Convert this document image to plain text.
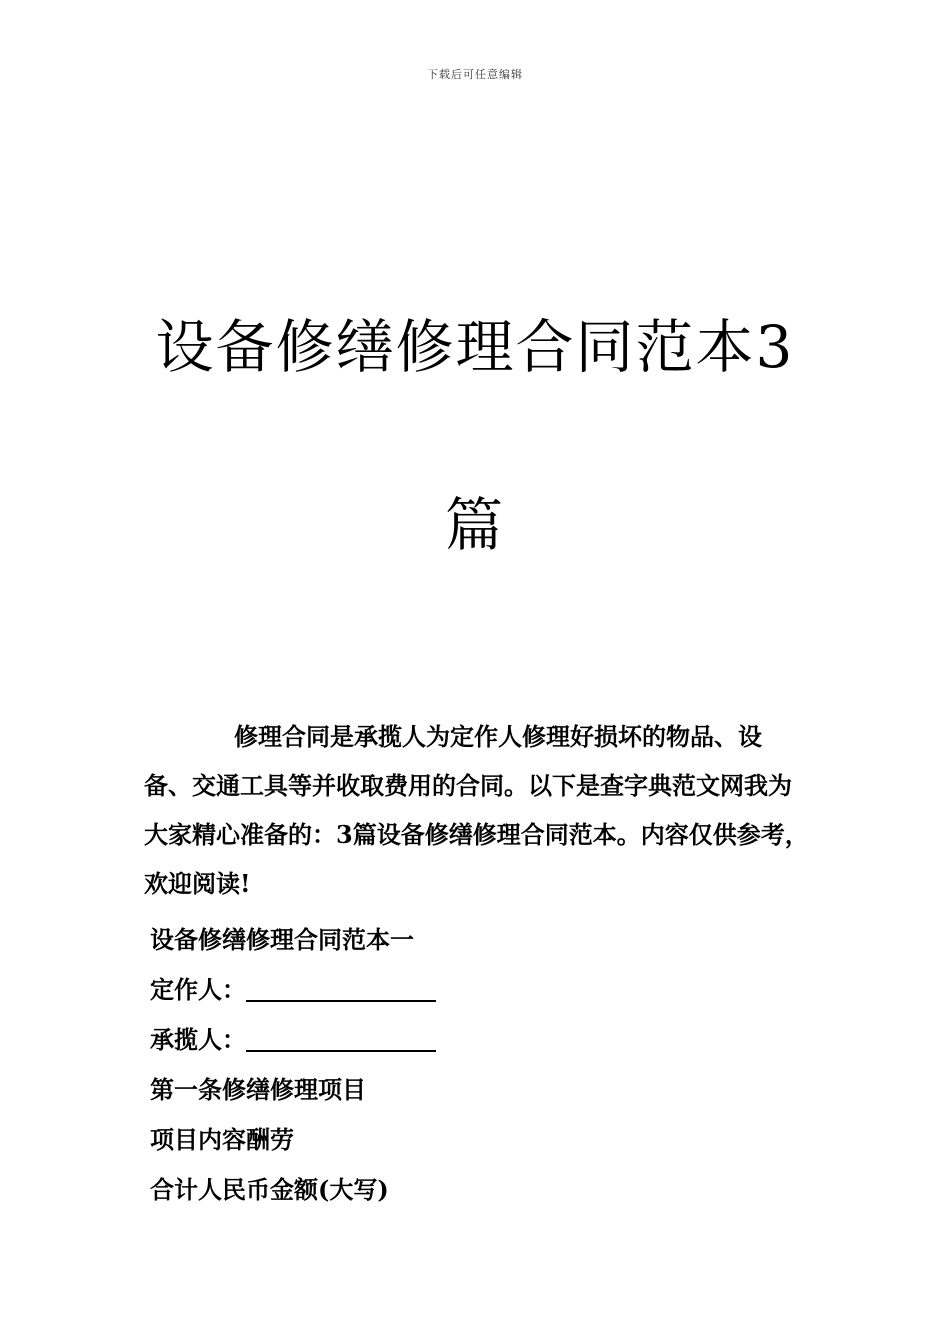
下载后可任意编辑
设备修缮修理合同范本3
篇

修理合同是承揽人为定作人修理好损坏的物品、设备、交通工具等并收取费用的合同。以下是查字典范文网我为大家精心准备的：3篇设备修缮修理合同范本。内容仅供参考，欢迎阅读!

设备修缮修理合同范本一
定作人：
承揽人：
第一条修缮修理项目
项目内容酬劳
合计人民币金额(大写)
